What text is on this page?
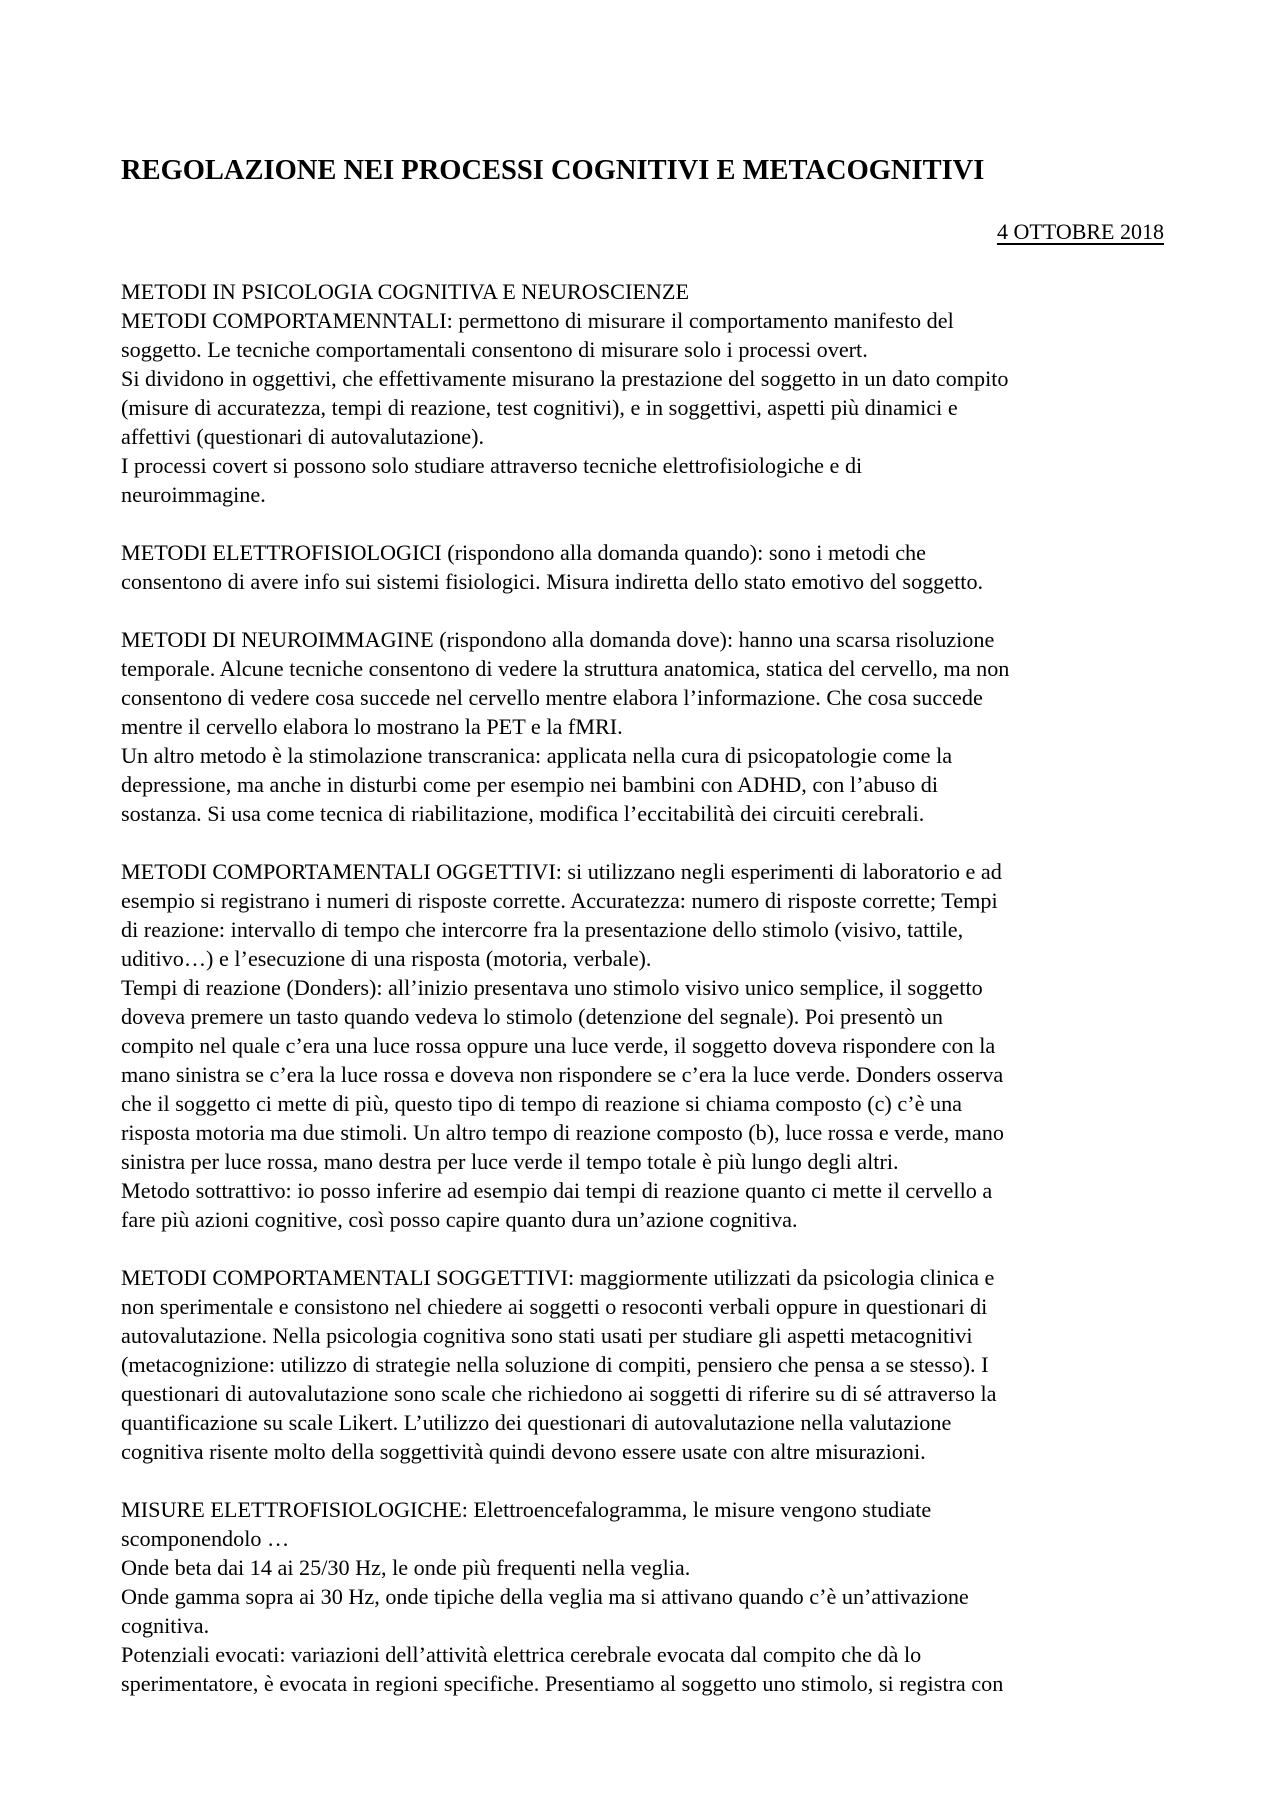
REGOLAZIONE NEI PROCESSI COGNITIVI E METACOGNITIVI
4 OTTOBRE 2018
METODI IN PSICOLOGIA COGNITIVA E NEUROSCIENZE
METODI COMPORTAMENNTALI: permettono di misurare il comportamento manifesto del
soggetto. Le tecniche comportamentali consentono di misurare solo i processi overt.
Si dividono in oggettivi, che effettivamente misurano la prestazione del soggetto in un dato compito
(misure di accuratezza, tempi di reazione, test cognitivi), e in soggettivi, aspetti più dinamici e
affettivi (questionari di autovalutazione).
I processi covert si possono solo studiare attraverso tecniche elettrofisiologiche e di
neuroimmagine.
METODI ELETTROFISIOLOGICI (rispondono alla domanda quando): sono i metodi che
consentono di avere info sui sistemi fisiologici. Misura indiretta dello stato emotivo del soggetto.
METODI DI NEUROIMMAGINE (rispondono alla domanda dove): hanno una scarsa risoluzione
temporale. Alcune tecniche consentono di vedere la struttura anatomica, statica del cervello, ma non
consentono di vedere cosa succede nel cervello mentre elabora l’informazione. Che cosa succede
mentre il cervello elabora lo mostrano la PET e la fMRI.
Un altro metodo è la stimolazione transcranica: applicata nella cura di psicopatologie come la
depressione, ma anche in disturbi come per esempio nei bambini con ADHD, con l’abuso di
sostanza. Si usa come tecnica di riabilitazione, modifica l’eccitabilità dei circuiti cerebrali.
METODI COMPORTAMENTALI OGGETTIVI: si utilizzano negli esperimenti di laboratorio e ad
esempio si registrano i numeri di risposte corrette. Accuratezza: numero di risposte corrette; Tempi
di reazione: intervallo di tempo che intercorre fra la presentazione dello stimolo (visivo, tattile,
uditivo…) e l’esecuzione di una risposta (motoria, verbale).
Tempi di reazione (Donders): all’inizio presentava uno stimolo visivo unico semplice, il soggetto
doveva premere un tasto quando vedeva lo stimolo (detenzione del segnale). Poi presentò un
compito nel quale c’era una luce rossa oppure una luce verde, il soggetto doveva rispondere con la
mano sinistra se c’era la luce rossa e doveva non rispondere se c’era la luce verde. Donders osserva
che il soggetto ci mette di più, questo tipo di tempo di reazione si chiama composto (c) c’è una
risposta motoria ma due stimoli. Un altro tempo di reazione composto (b), luce rossa e verde, mano
sinistra per luce rossa, mano destra per luce verde il tempo totale è più lungo degli altri.
Metodo sottrattivo: io posso inferire ad esempio dai tempi di reazione quanto ci mette il cervello a
fare più azioni cognitive, così posso capire quanto dura un’azione cognitiva.
METODI COMPORTAMENTALI SOGGETTIVI: maggiormente utilizzati da psicologia clinica e
non sperimentale e consistono nel chiedere ai soggetti o resoconti verbali oppure in questionari di
autovalutazione. Nella psicologia cognitiva sono stati usati per studiare gli aspetti metacognitivi
(metacognizione: utilizzo di strategie nella soluzione di compiti, pensiero che pensa a se stesso). I
questionari di autovalutazione sono scale che richiedono ai soggetti di riferire su di sé attraverso la
quantificazione su scale Likert. L’utilizzo dei questionari di autovalutazione nella valutazione
cognitiva risente molto della soggettività quindi devono essere usate con altre misurazioni.
MISURE ELETTROFISIOLOGICHE: Elettroencefalogramma, le misure vengono studiate
scomponendolo …
Onde beta dai 14 ai 25/30 Hz, le onde più frequenti nella veglia.
Onde gamma sopra ai 30 Hz, onde tipiche della veglia ma si attivano quando c’è un’attivazione
cognitiva.
Potenziali evocati: variazioni dell’attività elettrica cerebrale evocata dal compito che dà lo
sperimentatore, è evocata in regioni specifiche. Presentiamo al soggetto uno stimolo, si registra con
